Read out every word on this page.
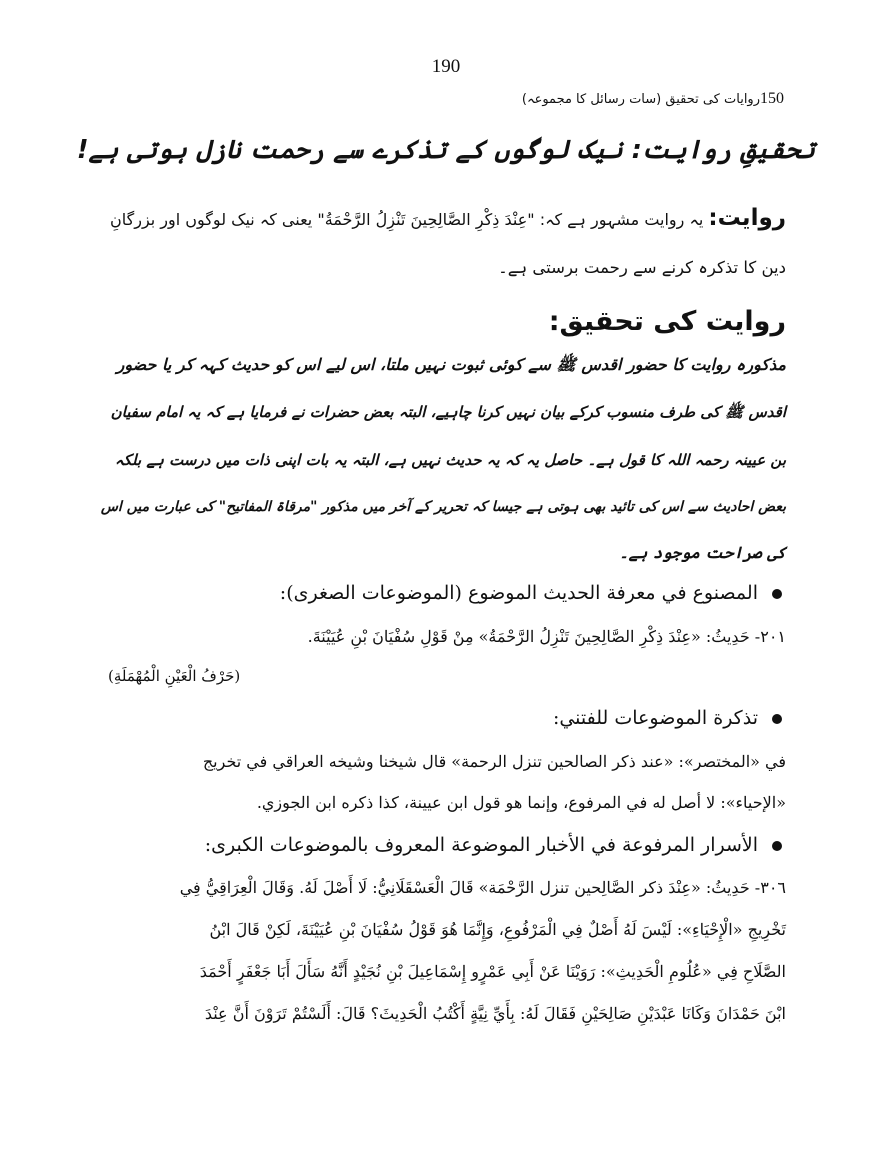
190
150روایات کی تحقیق (سات رسائل کا مجموعہ)
تحقیقِ روایت: نیک لوگوں کے تذکرے سے رحمت نازل ہوتی ہے!
روایت: یہ روایت مشہور ہے کہ: "عِنْدَ ذِكْرِ الصَّالِحِينَ تَنْزِلُ الرَّحْمَةُ" یعنی کہ نیک لوگوں اور بزرگانِ
دین کا تذکرہ کرنے سے رحمت برستی ہے۔
روایت کی تحقیق:
مذکورہ روایت کا حضور اقدس ﷺ سے کوئی ثبوت نہیں ملتا، اس لیے اس کو حدیث کہہ کر یا حضور
اقدس ﷺ کی طرف منسوب کرکے بیان نہیں کرنا چاہیے، البتہ بعض حضرات نے فرمایا ہے کہ یہ امام سفیان
بن عیینہ رحمہ اللہ کا قول ہے۔ حاصل یہ کہ یہ حدیث نہیں ہے، البتہ یہ بات اپنی ذات میں درست ہے بلکہ
بعض احادیث سے اس کی تائید بھی ہوتی ہے جیسا کہ تحریر کے آخر میں مذکور "مرقاۃ المفاتیح" کی عبارت میں اس
کی صراحت موجود ہے۔
المصنوع في معرفة الحديث الموضوع (الموضوعات الصغرى):
٢٠١- حَدِيثُ: «عِنْدَ ذِكْرِ الصَّالِحِينَ تَنْزِلُ الرَّحْمَةُ» مِنْ قَوْلِ سُفْيَانَ بْنِ عُيَيْنَةَ.
(حَرْفُ الْعَيْنِ الْمُهْمَلَةِ)
تذكرة الموضوعات للفتني:
في «المختصر»: «عند ذكر الصالحين تنزل الرحمة» قال شيخنا وشيخه العراقي في تخريج
«الإحياء»: لا أصل له في المرفوع، وإنما هو قول ابن عيينة، كذا ذكره ابن الجوزي.
الأسرار المرفوعة في الأخبار الموضوعة المعروف بالموضوعات الكبرى:
٣٠٦- حَدِيثُ: «عِنْدَ ذكر الصَّالِحين تنزل الرَّحْمَة» قَالَ الْعَسْقَلَانِيُّ: لَا أَصْلَ لَهُ. وَقَالَ الْعِرَاقِيُّ فِي
تَخْرِيجِ «الْإِحْيَاءِ»: لَيْسَ لَهُ أَصْلٌ فِي الْمَرْفُوعِ، وَإِنَّمَا هُوَ قَوْلُ سُفْيَانَ بْنِ عُيَيْنَةَ، لَكِنْ قَالَ ابْنُ
الصَّلَاحِ فِي «عُلُومِ الْحَدِيثِ»: رَوَيْنَا عَنْ أَبِي عَمْرٍو إِسْمَاعِيلَ بْنِ نُجَيْدٍ أَنَّهُ سَأَلَ أَبَا جَعْفَرٍ أَحْمَدَ
ابْنَ حَمْدَانَ وَكَانَا عَبْدَيْنِ صَالِحَيْنِ فَقَالَ لَهُ: بِأَيِّ نِيَّةٍ أَكْتُبُ الْحَدِيثَ؟ قَالَ: أَلَسْتُمْ تَرَوْنَ أَنَّ عِنْدَ
